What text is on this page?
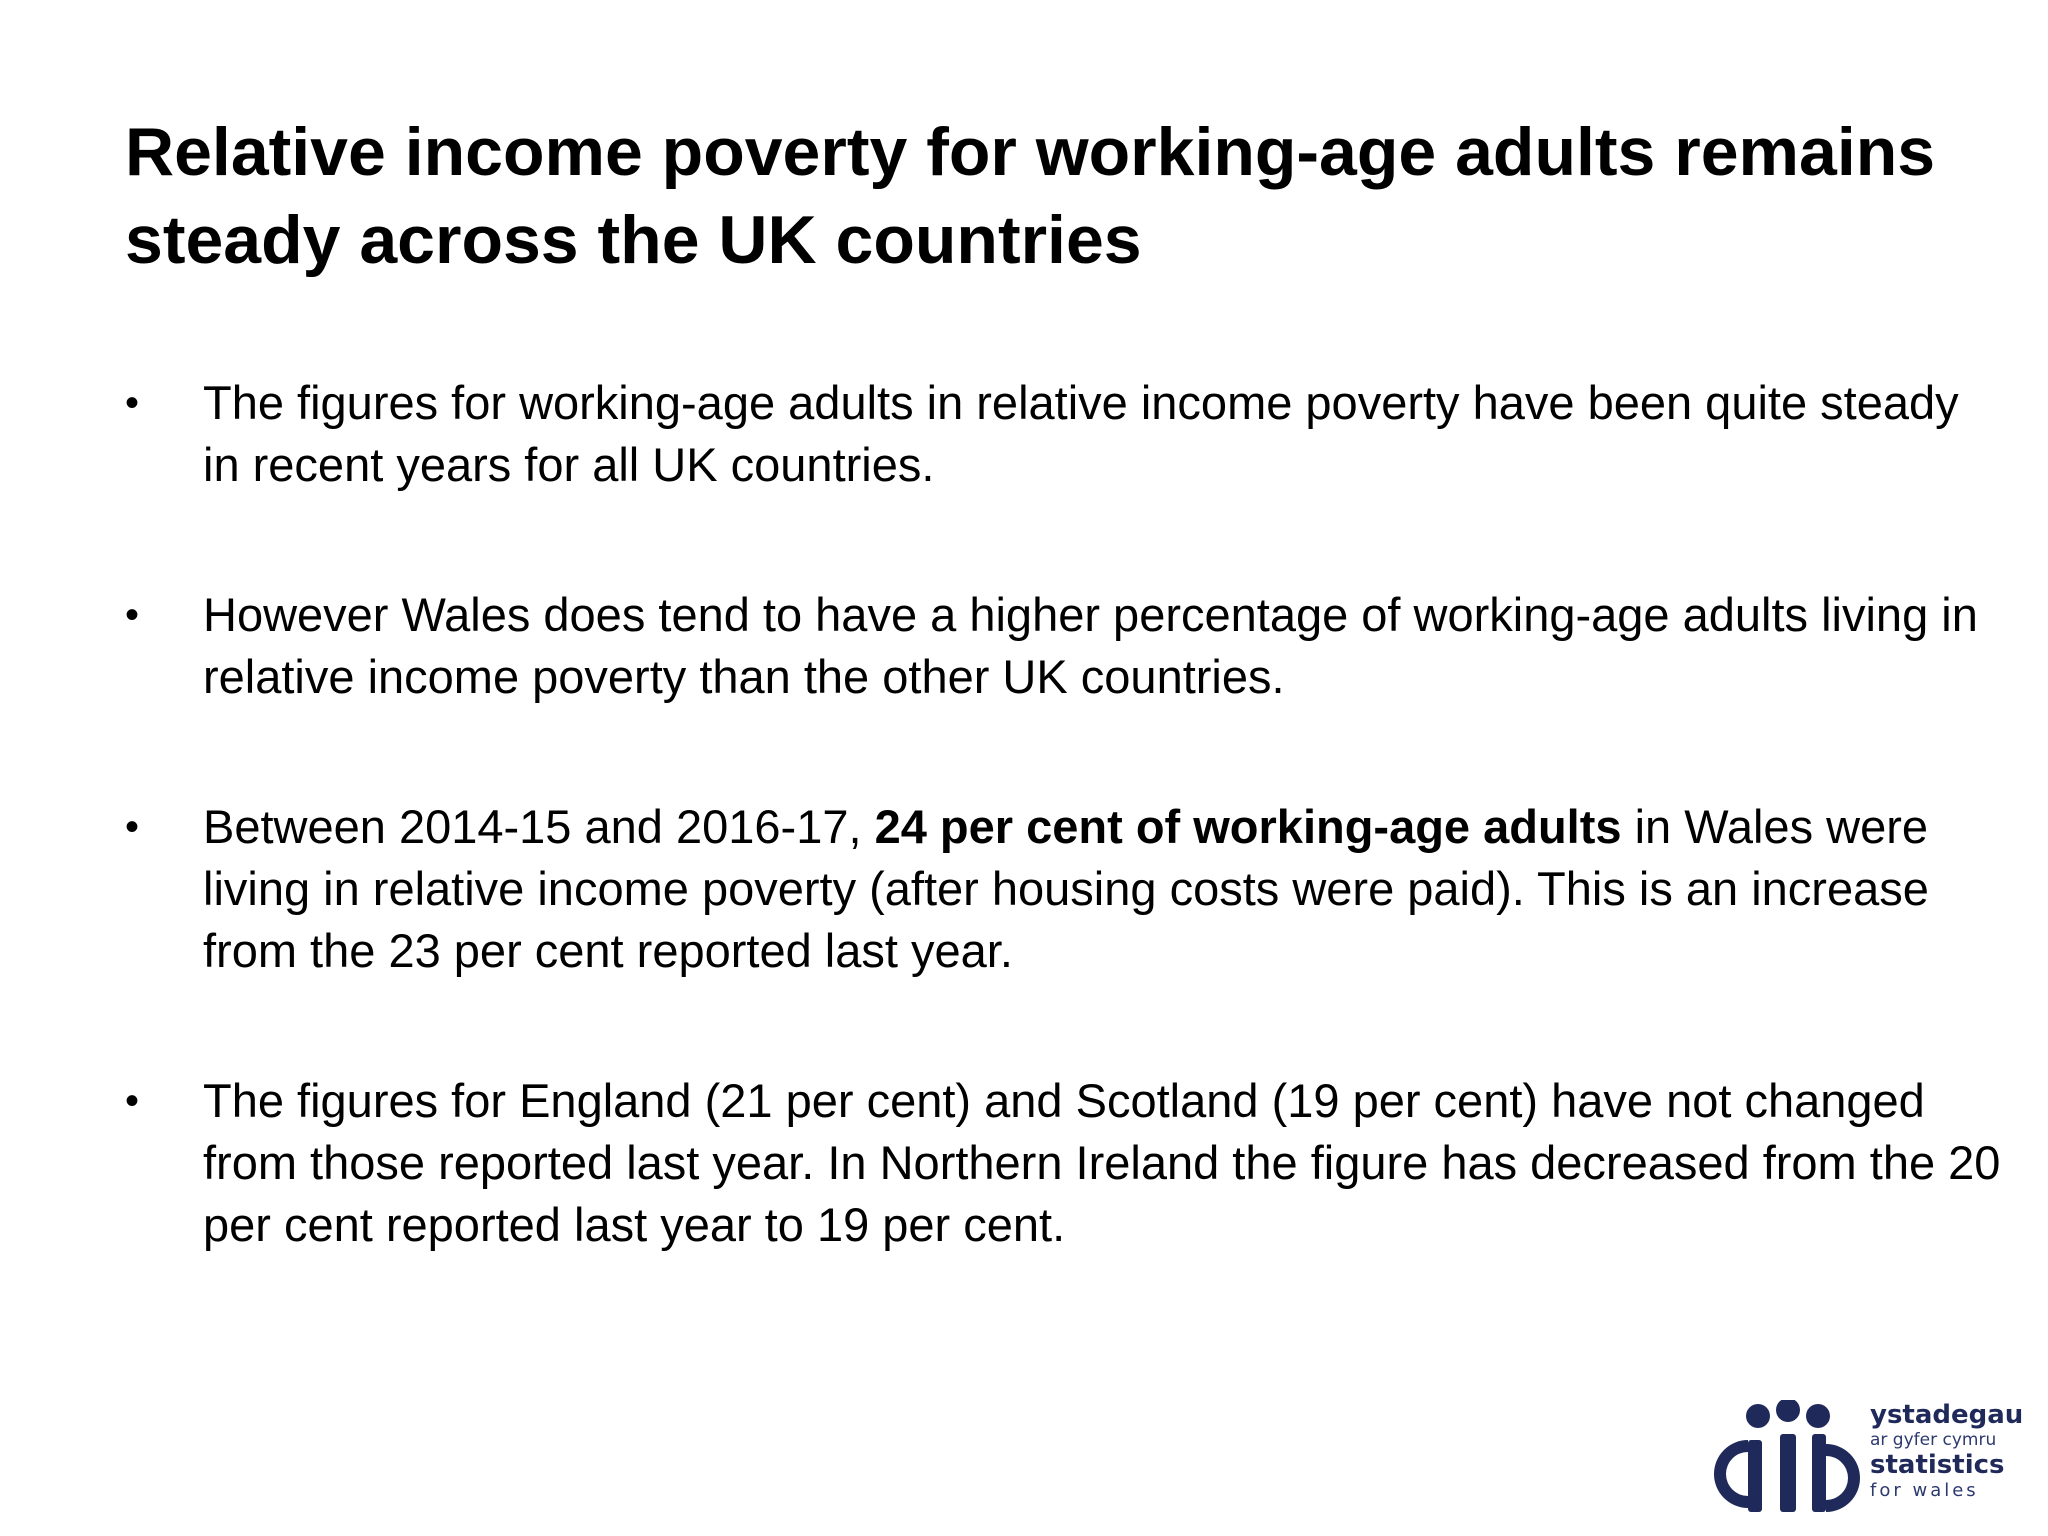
Relative income poverty for working-age adults remains steady across the UK countries
• The figures for working-age adults in relative income poverty have been quite steady in recent years for all UK countries.
• However Wales does tend to have a higher percentage of working-age adults living in relative income poverty than the other UK countries.
• Between 2014-15 and 2016-17, 24 per cent of working-age adults in Wales were living in relative income poverty (after housing costs were paid). This is an increase from the 23 per cent reported last year.
• The figures for England (21 per cent) and Scotland (19 per cent) have not changed from those reported last year. In Northern Ireland the figure has decreased from the 20 per cent reported last year to 19 per cent.
ystadegau
ar gyfer cymru
statistics
for wales
